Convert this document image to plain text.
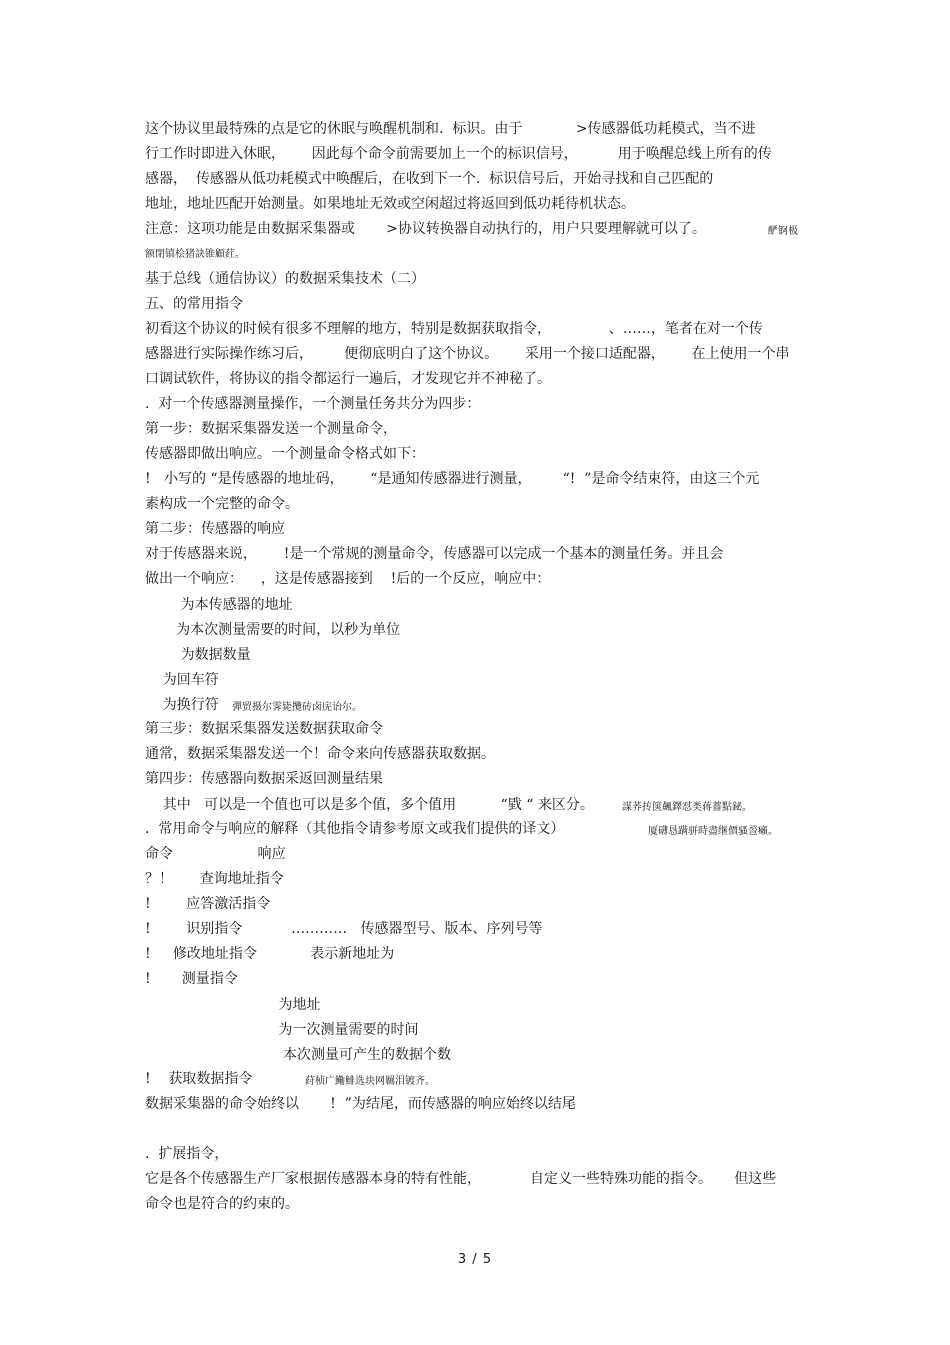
这个协议里最特殊的点是它的休眠与唤醒机制和.  标识。由于            >传感器低功耗模式，当不进
行工作时即进入休眠，      因此每个命令前需要加上一个的标识信号，         用于唤醒总线上所有的传
感器，  传感器从低功耗模式中唤醒后，在收到下一个.  标识信号后，开始寻找和自己匹配的
地址，地址匹配开始测量。如果地址无效或空闲超过将返回到低功耗待机状态。
注意：这项功能是由数据采集器或       >协议转换器自动执行的，用户只要理解就可以了。	酽锕极
额閉镇桧猪訣锥顧荭。
基于总线（通信协议）的数据采集技术（二）
五、的常用指令
初看这个协议的时候有很多不理解的地方，特别是数据获取指令，             、……，笔者在对一个传
感器进行实际操作练习后，       便彻底明白了这个协议。      采用一个接口适配器，      在上使用一个串
口调试软件，将协议的指令都运行一遍后，才发现它并不神秘了。
.  对一个传感器测量操作，一个测量任务共分为四步：
第一步：数据采集器发送一个测量命令，
传感器即做出响应。一个测量命令格式如下：
!   小写的 “是传感器的地址码，      “是通知传感器进行测量，       “!  ”是命令结束符，由这三个元
素构成一个完整的命令。
第二步：传感器的响应
对于传感器来说，      !是一个常规的测量命令，传感器可以完成一个基本的测量任务。并且会
做出一个响应：    ，这是传感器接到    !后的一个反应，响应中：
为本传感器的地址
为本次测量需要的时间，以秒为单位
为数据数量
为回车符
为换行符 彈贸摄尔霁毙攬砖卤庑诒尔。
第三步：数据采集器发送数据获取命令
通常，数据采集器发送一个！命令来向传感器获取数据。
第四步：传感器向数据采返回测量结果
其中   可以是一个值也可以是多个值，多个值用          “戥 “ 来区分。	謀荞抟箧飆鐸怼类蒋薔點鉍。
.  常用命令与响应的解释（其他指令请参考原文或我们提供的译文）	厦礴恳蹒骈時盡继價骚巹癩。
命令                   响应
？！      查询地址指令
!        应答激活指令
!        识别指令           …………   传感器型号、版本、序列号等
!     修改地址指令            表示新地址为
!       测量指令
为地址
为一次测量需要的时间
本次测量可产生的数据个数
!    获取数据指令	荮桢广鰳鯡选块网羈泪镀齐。
数据采集器的命令始终以       !  ”为结尾，而传感器的响应始终以结尾
.  扩展指令，
它是各个传感器生产厂家根据传感器本身的特有性能，           自定义一些特殊功能的指令。     但这些
命令也是符合的约束的。
3 / 5
